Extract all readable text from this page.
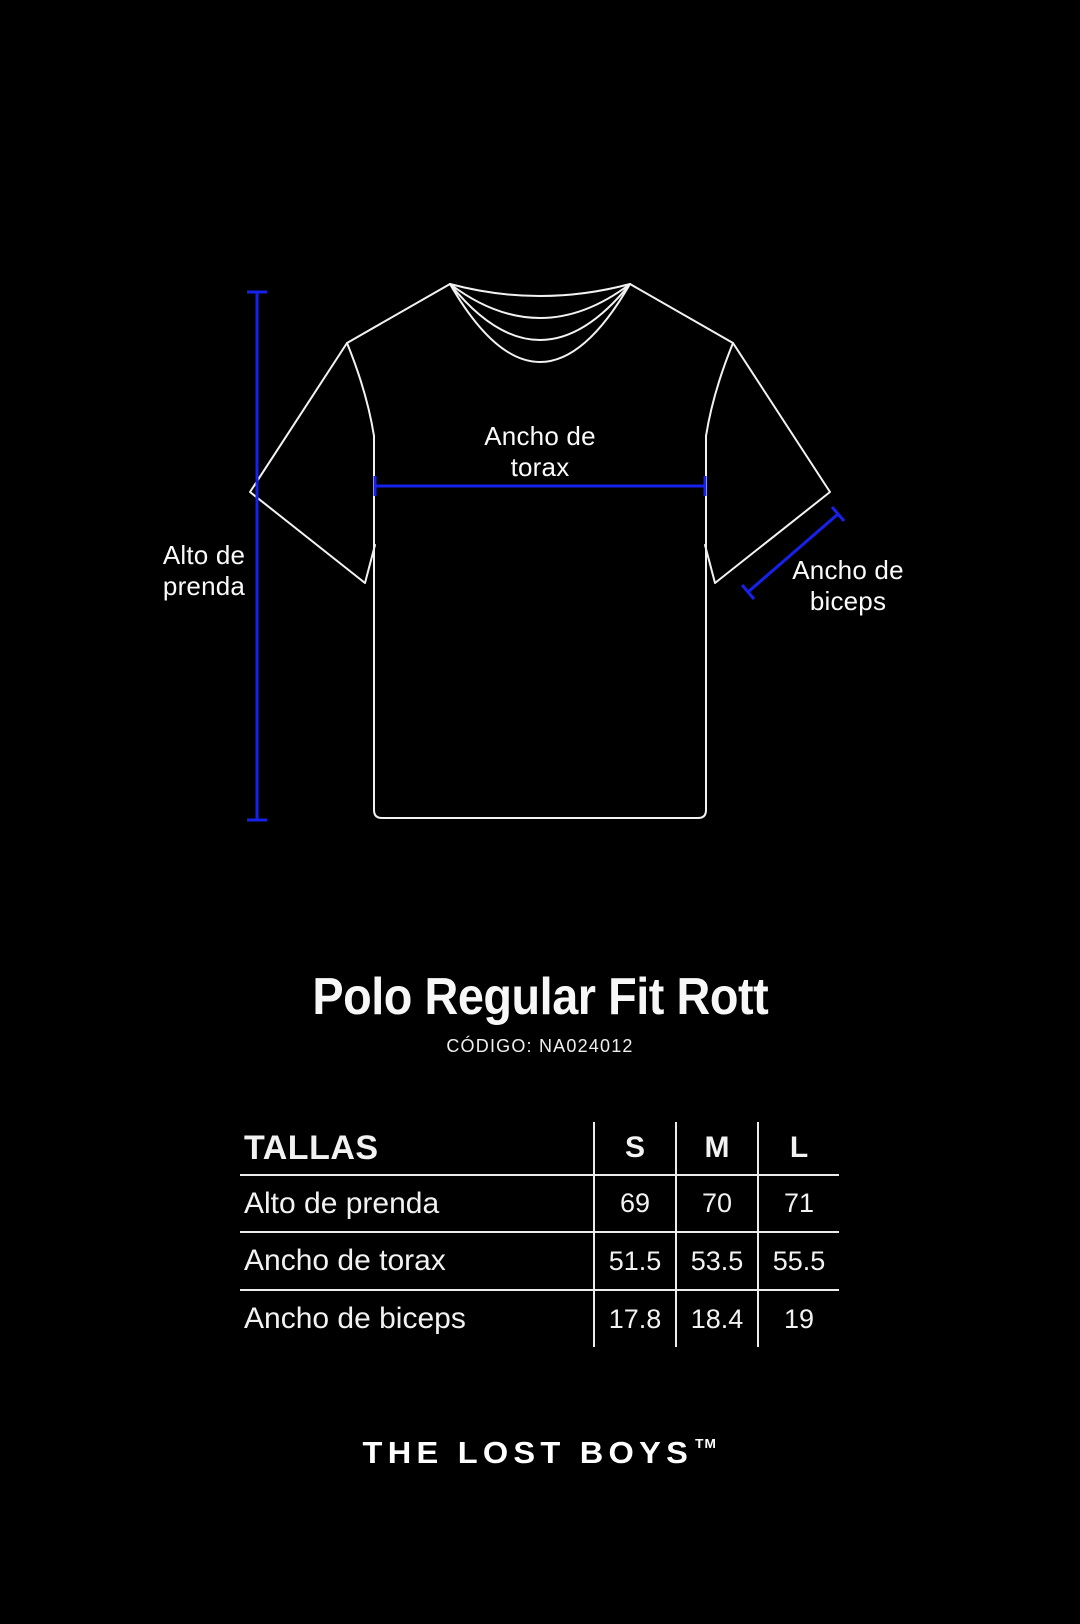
Alto de
prenda
Ancho de
torax
Ancho de
biceps
Polo Regular Fit Rott
CÓDIGO: NA024012
TALLAS	S	M	L
Alto de prenda	69	70	71
Ancho de torax	51.5	53.5	55.5
Ancho de biceps	17.8	18.4	19
THE LOST BOYS ™
